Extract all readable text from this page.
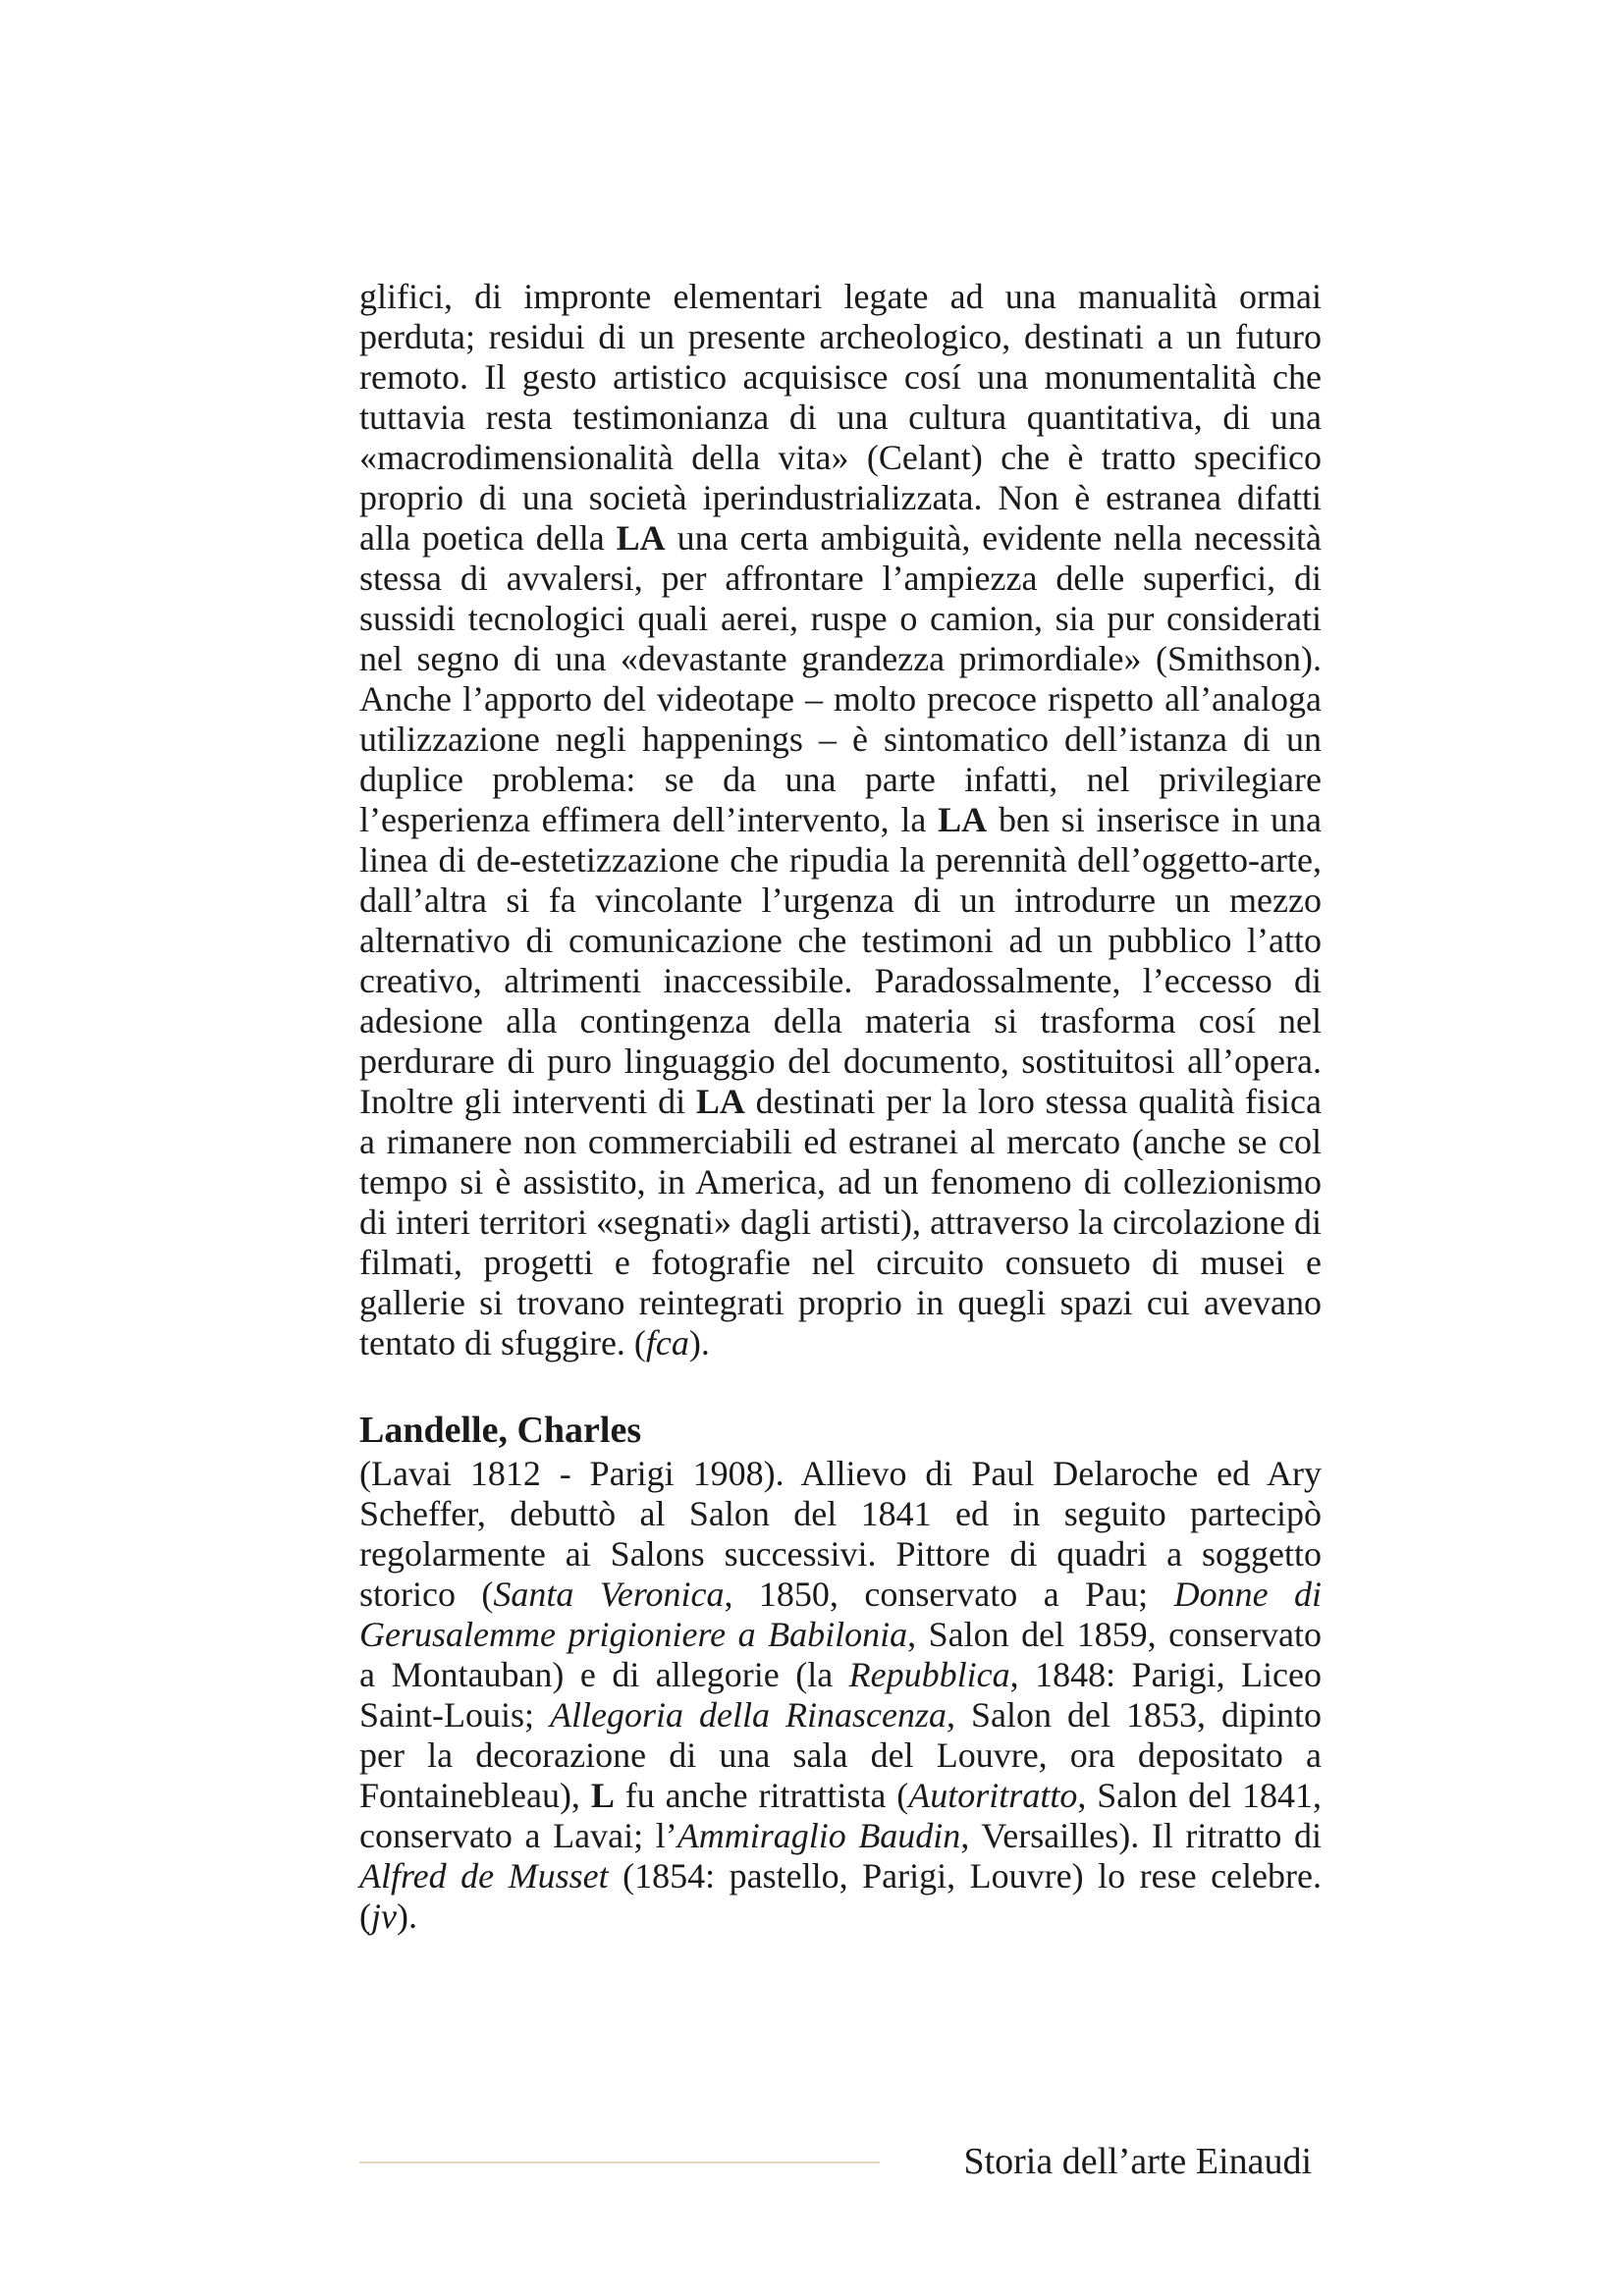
glifici, di impronte elementari legate ad una manualità ormai perduta; residui di un presente archeologico, destinati a un futuro remoto. Il gesto artistico acquisisce cosí una monumentalità che tuttavia resta testimonianza di una cultura quantitativa, di una «macrodimensionalità della vita» (Celant) che è tratto specifico proprio di una società iperindustrializzata. Non è estranea difatti alla poetica della LA una certa ambiguità, evidente nella necessità stessa di avvalersi, per affrontare l’ampiezza delle superfici, di sussidi tecnologici quali aerei, ruspe o camion, sia pur considerati nel segno di una «devastante grandezza primordiale» (Smithson). Anche l’apporto del videotape – molto precoce rispetto all’analoga utilizzazione negli happenings – è sintomatico dell’istanza di un duplice problema: se da una parte infatti, nel privilegiare l’esperienza effimera dell’intervento, la LA ben si inserisce in una linea di de-estetizzazione che ripudia la perennità dell’oggetto-arte, dall’altra si fa vincolante l’urgenza di un introdurre un mezzo alternativo di comunicazione che testimoni ad un pubblico l’atto creativo, altrimenti inaccessibile. Paradossalmente, l’eccesso di adesione alla contingenza della materia si trasforma cosí nel perdurare di puro linguaggio del documento, sostituitosi all’opera. Inoltre gli interventi di LA destinati per la loro stessa qualità fisica a rimanere non commerciabili ed estranei al mercato (anche se col tempo si è assistito, in America, ad un fenomeno di collezionismo di interi territori «segnati» dagli artisti), attraverso la circolazione di filmati, progetti e fotografie nel circuito consueto di musei e gallerie si trovano reintegrati proprio in quegli spazi cui avevano tentato di sfuggire. (fca).

Landelle, Charles

(Lavai 1812 - Parigi 1908). Allievo di Paul Delaroche ed Ary Scheffer, debuttò al Salon del 1841 ed in seguito partecipò regolarmente ai Salons successivi. Pittore di quadri a soggetto storico (Santa Veronica, 1850, conservato a Pau; Donne di Gerusalemme prigioniere a Babilonia, Salon del 1859, conservato a Montauban) e di allegorie (la Repubblica, 1848: Parigi, Liceo Saint-Louis; Allegoria della Rinascenza, Salon del 1853, dipinto per la decorazione di una sala del Louvre, ora depositato a Fontainebleau), L fu anche ritrattista (Autoritratto, Salon del 1841, conservato a Lavai; l’Ammiraglio Baudin, Versailles). Il ritratto di Alfred de Musset (1854: pastello, Parigi, Louvre) lo rese celebre. (jv).

Storia dell’arte Einaudi
